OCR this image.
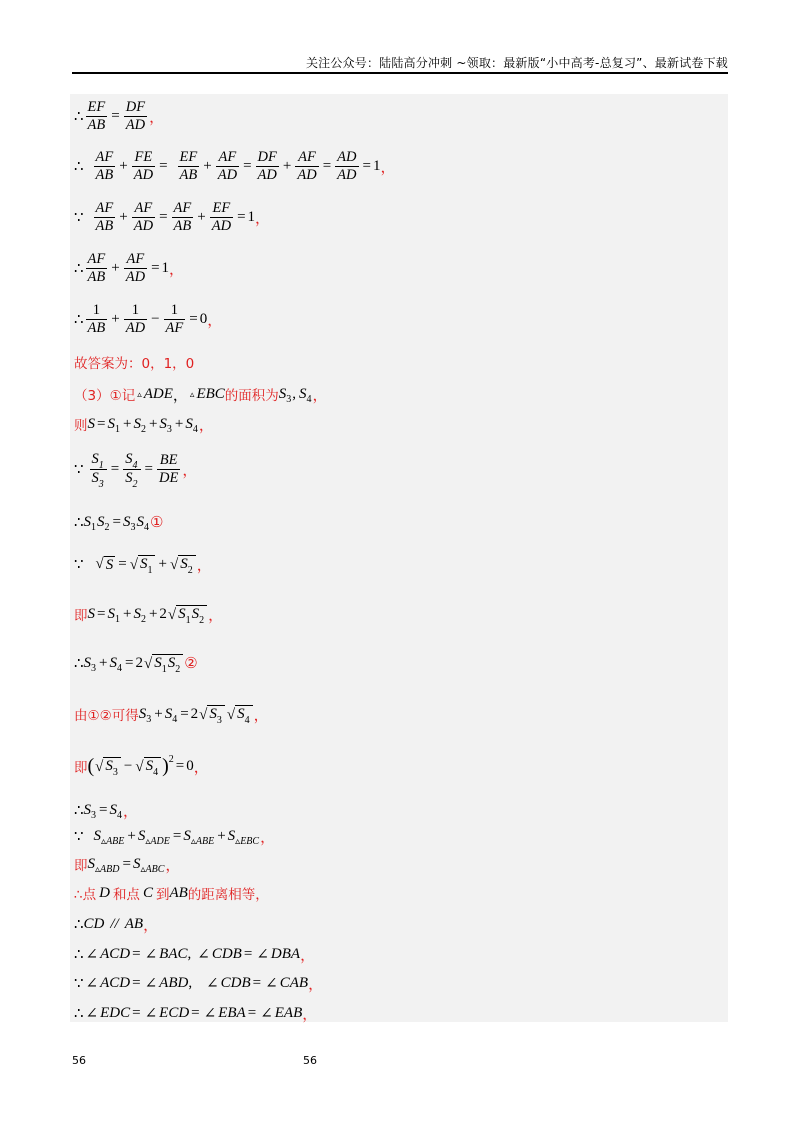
关注公众号：陆陆高分冲刺 ~领取：最新版“小中高考-总复习”、最新试卷下载
∴ $\frac{EF}{AB} = \frac{DF}{AD}$ ，
∴ $\frac{AF}{AB} + \frac{FE}{AD} = \frac{EF}{AB} + \frac{AF}{AD} = \frac{DF}{AD} + \frac{AF}{AD} = \frac{AD}{AD} = 1$ ，
∵ $\frac{AF}{AB} + \frac{AF}{AD} = \frac{AF}{AB} + \frac{EF}{AD} = 1$ ，
∴ $\frac{AF}{AB} + \frac{AF}{AD} = 1$ ，
∴ $\frac{1}{AB} + \frac{1}{AD} - \frac{1}{AF} = 0$ ，
故答案为：0，1，0
（3）①记 ▵ ADE ， ▵ EBC 的面积为 S 3 , S 4 ，
则 S = S 1 + S 2 + S 3 + S 4 ，
∵ $\frac{S_1}{S_3} = \frac{S_4}{S_2} = \frac{BE}{DE}$ ，
∴ S 1 S 2 = S 3 S 4 ①
∵ √ S = √ $S_1$ + √ $S_2$ ，
即 S = S 1 + S 2 + 2 √ $S_1S_2$ ，
∴ S 3 + S 4 = 2 √ $S_1S_2$ ②
由①②可得 S 3 + S 4 = 2 √ $S_3$ √ $S_4$ ，
即 ( √ $S_3$ − √ $S_4$ ) 2 = 0 ，
∴ S 3 = S 4 ，
∵ S ▵ABE + S ▵ADE = S ▵ABE + S ▵EBC ，
即 S ▵ABD = S ▵ABC ，
∴点 D 和点 C 到 AB 的距离相等，
∴ CD // AB ，
∴ ∠ ACD = ∠ BAC , ∠ CDB = ∠ DBA ，
∵ ∠ ACD = ∠ ABD , ∠ CDB = ∠ CAB ，
∴ ∠ EDC = ∠ ECD = ∠ EBA = ∠ EAB ，
56	56
